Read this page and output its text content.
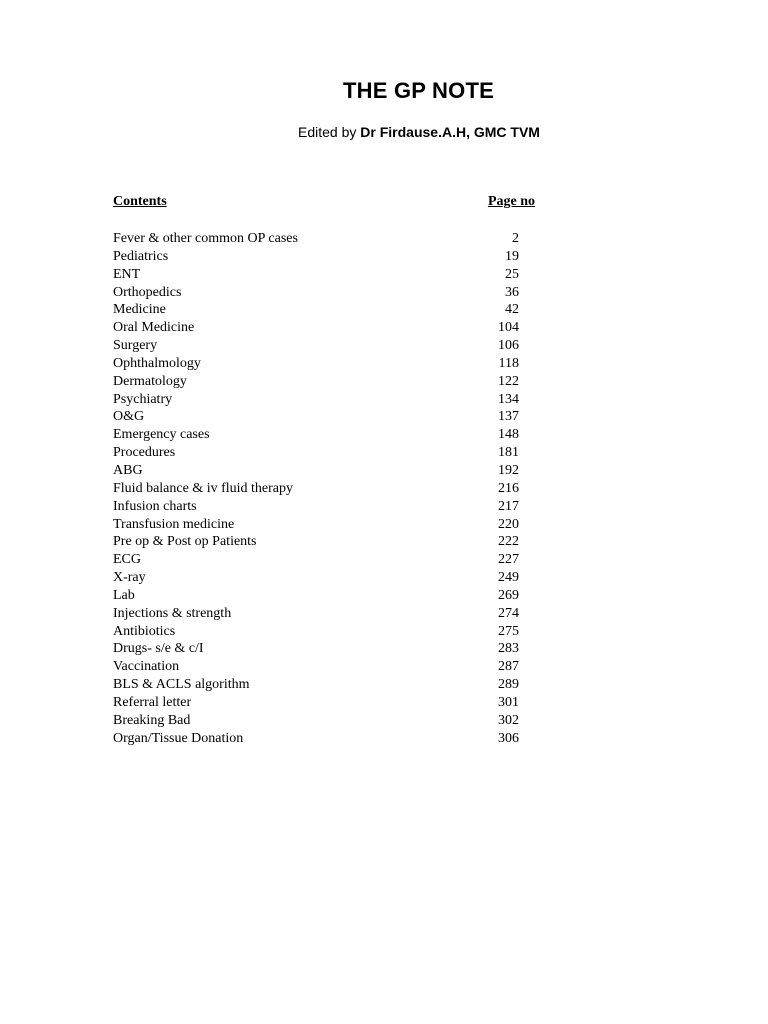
THE GP NOTE
Edited by Dr Firdause.A.H, GMC TVM
Contents	Page no
Fever & other common OP cases	2
Pediatrics	19
ENT	25
Orthopedics	36
Medicine	42
Oral Medicine	104
Surgery	106
Ophthalmology	118
Dermatology	122
Psychiatry	134
O&G	137
Emergency cases	148
Procedures	181
ABG	192
Fluid balance & iv fluid therapy	216
Infusion charts	217
Transfusion medicine	220
Pre op & Post op Patients	222
ECG	227
X-ray	249
Lab	269
Injections & strength	274
Antibiotics	275
Drugs- s/e & c/I	283
Vaccination	287
BLS & ACLS algorithm	289
Referral letter	301
Breaking Bad	302
Organ/Tissue Donation	306
